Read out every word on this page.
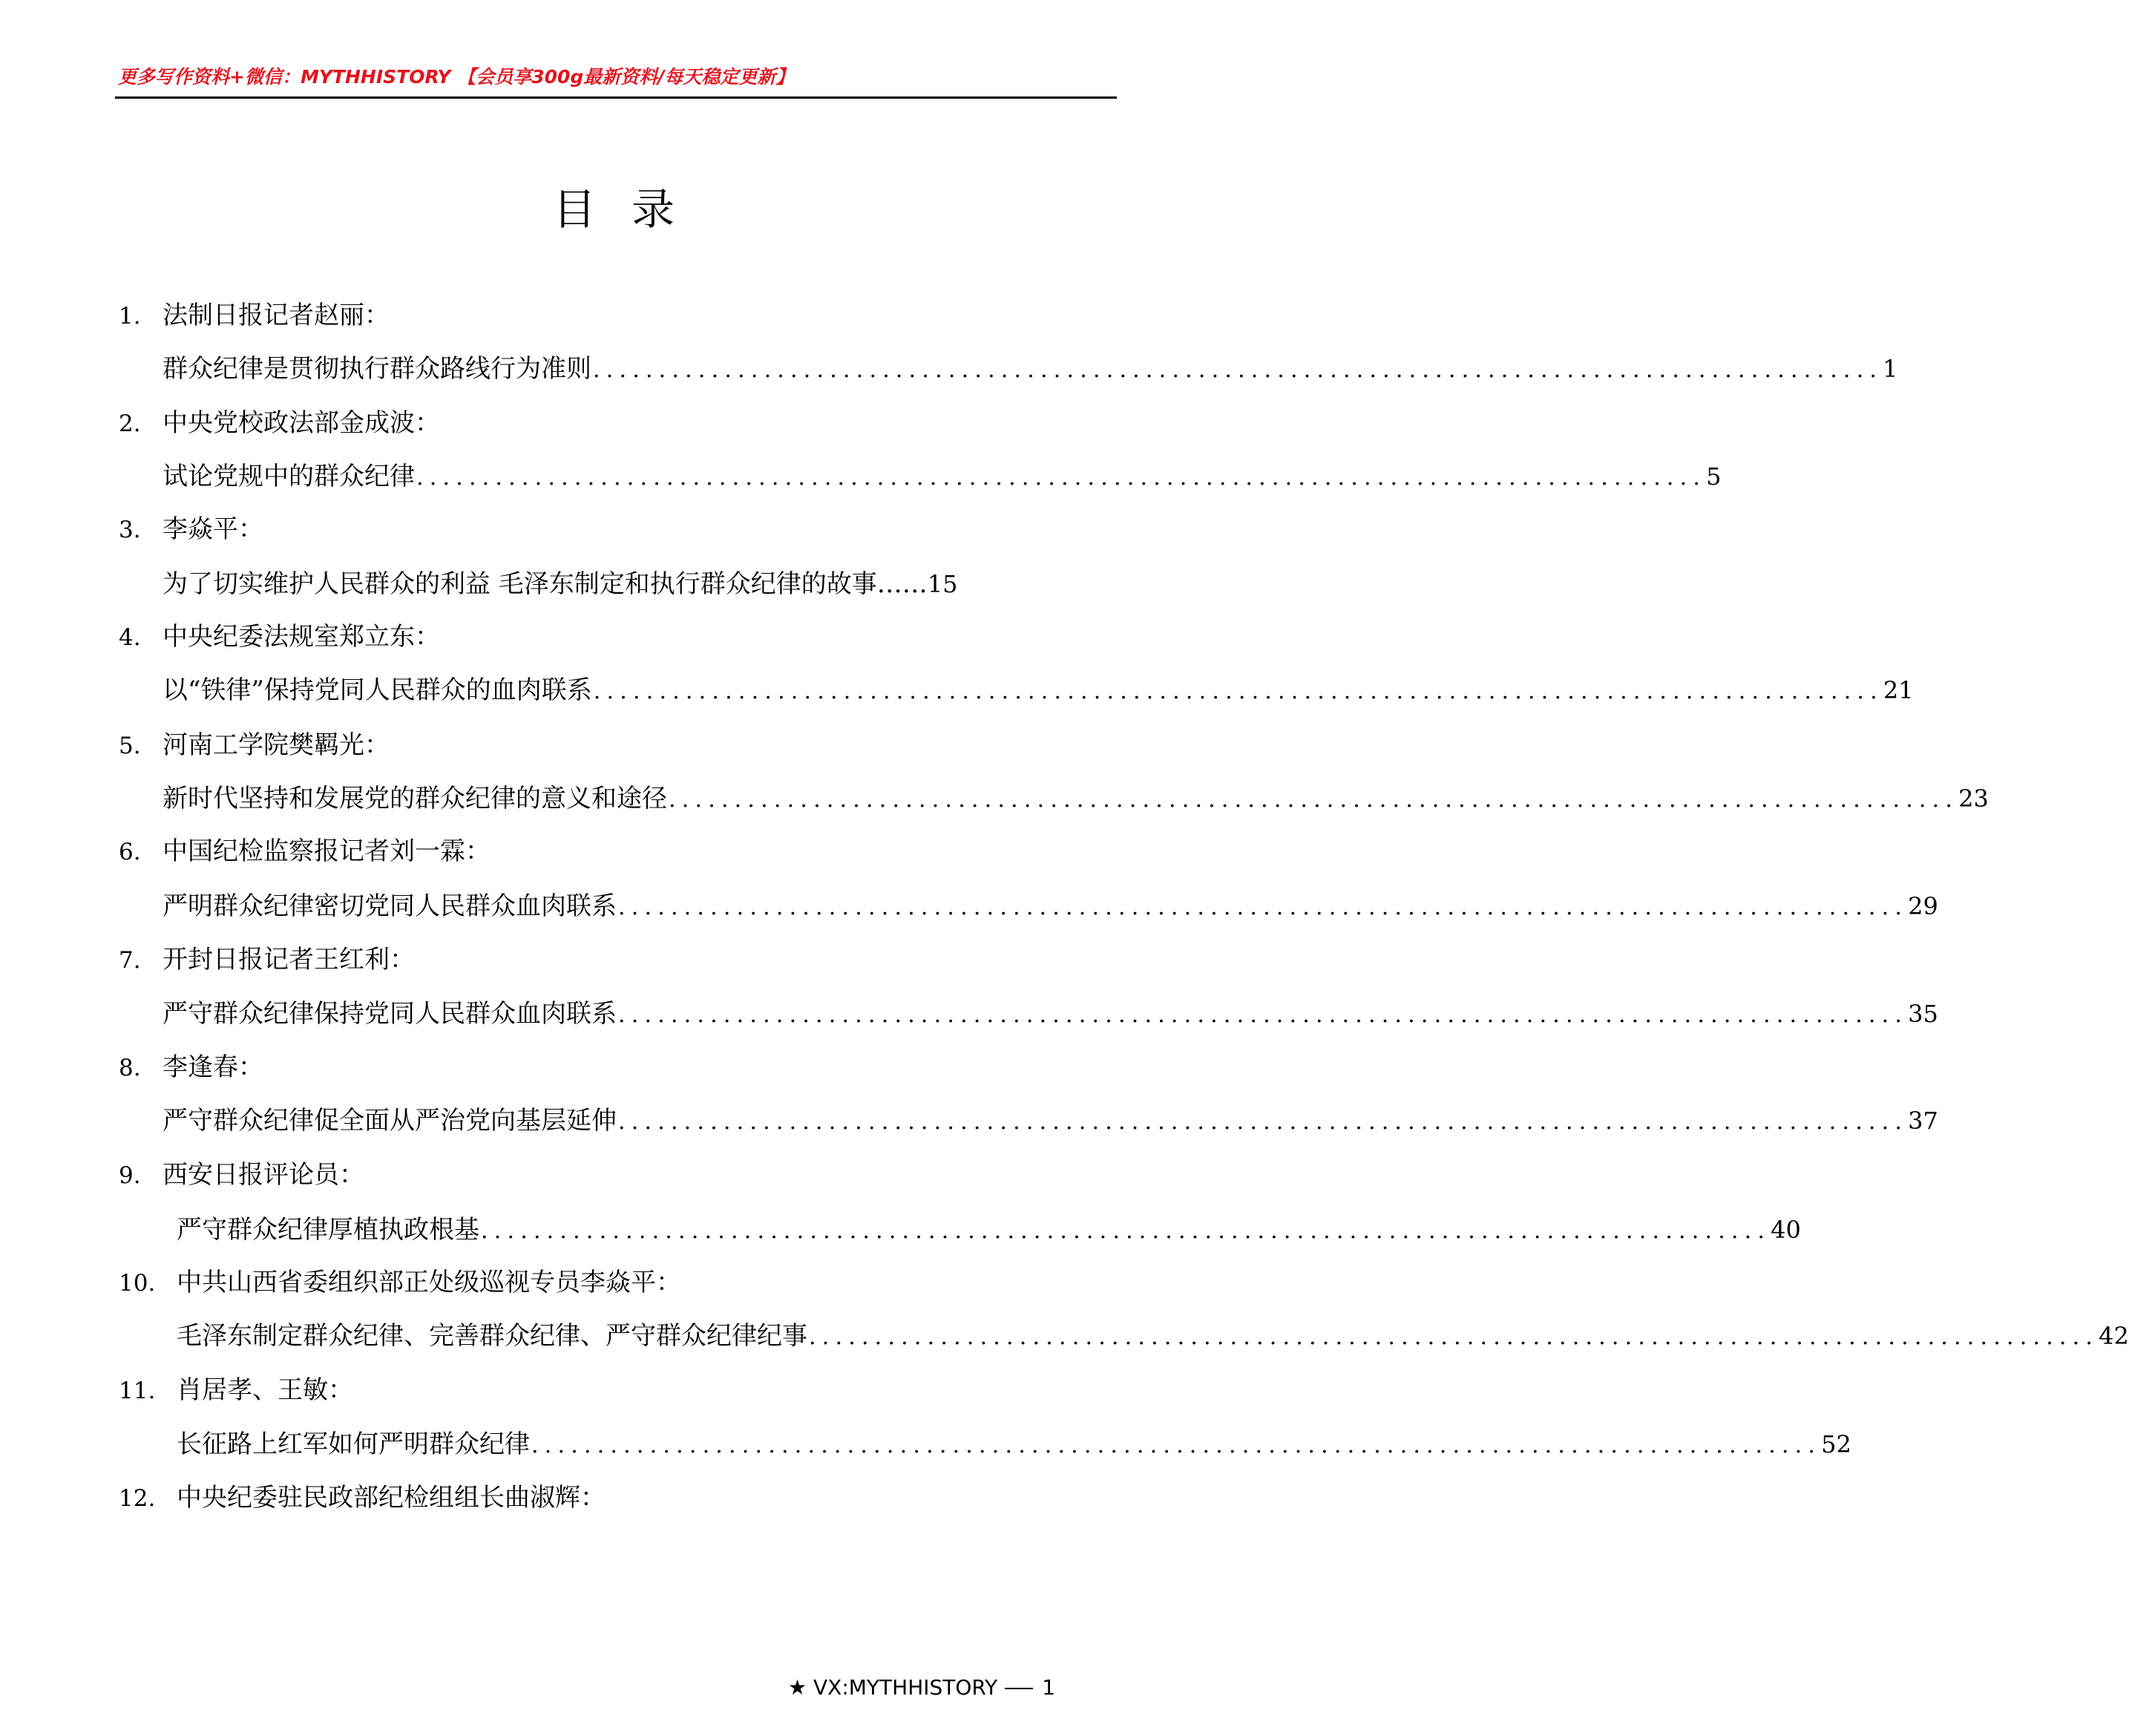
更多写作资料+微信：MYTHHISTORY 【会员享300g最新资料/每天稳定更新】
目录
1. 法制日报记者赵丽：
群众纪律是贯彻执行群众路线行为准则 .................................................................................................. 1
2. 中央党校政法部金成波：
试论党规中的群众纪律 .................................................................................................. 5
3. 李焱平：
为了切实维护人民群众的利益 毛泽东制定和执行群众纪律的故事…… 15
4. 中央纪委法规室郑立东：
以“铁律”保持党同人民群众的血肉联系 .................................................................................................. 21
5. 河南工学院樊羁光：
新时代坚持和发展党的群众纪律的意义和途径 .................................................................................................. 23
6. 中国纪检监察报记者刘一霖：
严明群众纪律密切党同人民群众血肉联系 .................................................................................................. 29
7. 开封日报记者王红利：
严守群众纪律保持党同人民群众血肉联系 .................................................................................................. 35
8. 李逢春：
严守群众纪律促全面从严治党向基层延伸 .................................................................................................. 37
9. 西安日报评论员：
严守群众纪律厚植执政根基 .................................................................................................. 40
10. 中共山西省委组织部正处级巡视专员李焱平：
毛泽东制定群众纪律、完善群众纪律、严守群众纪律纪事 .................................................................................................. 42
11. 肖居孝、王敏：
长征路上红军如何严明群众纪律 .................................................................................................. 52
12. 中央纪委驻民政部纪检组组长曲淑辉：
★ VX:MYTHHISTORY 1
